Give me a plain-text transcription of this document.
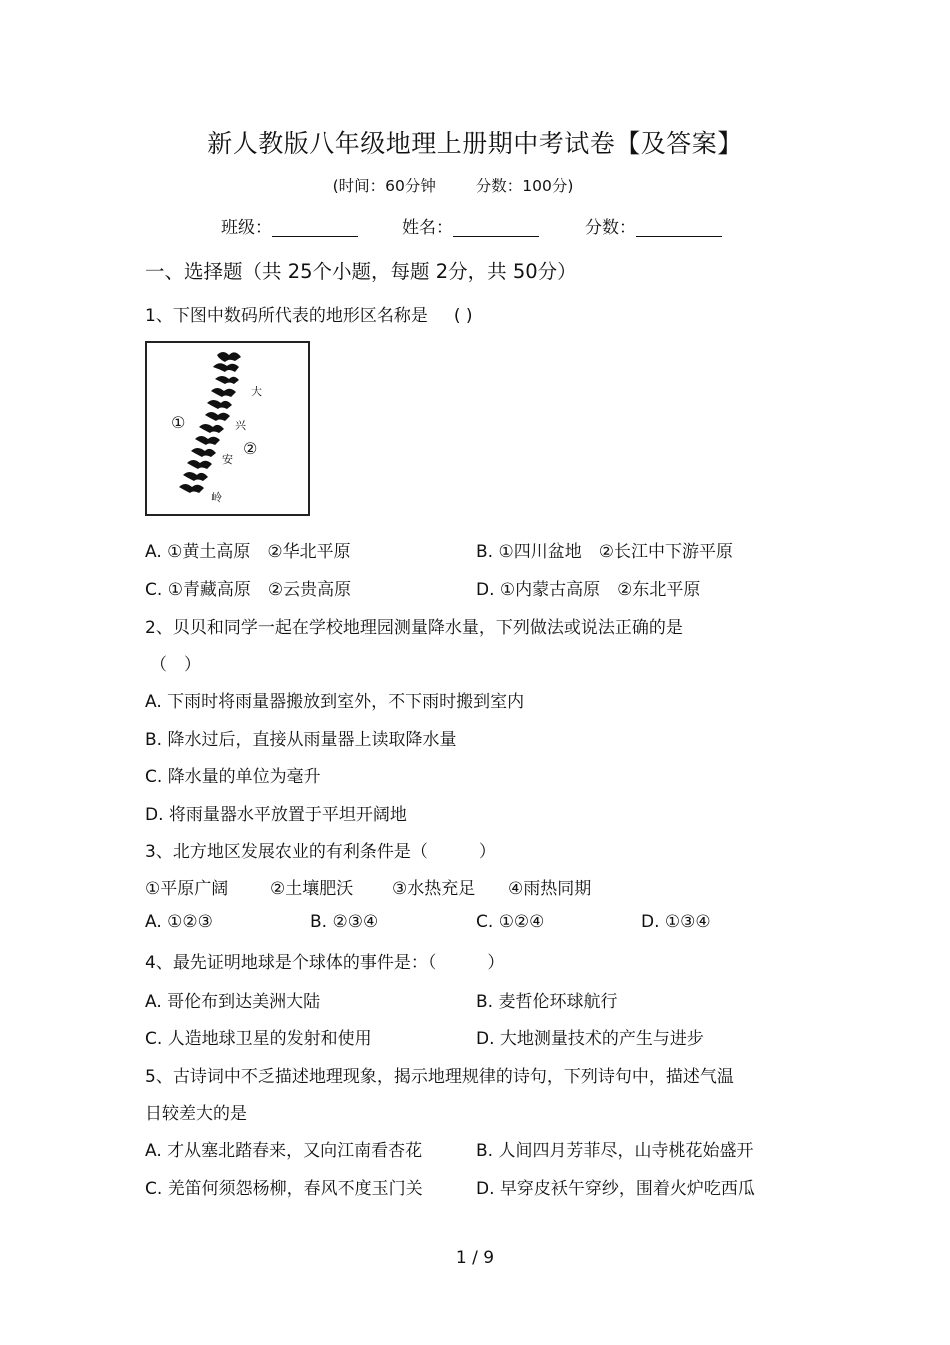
新人教版八年级地理上册期中考试卷【及答案】
(时间：60分钟	分数：100分)
班级：	姓名：	分数：
一、选择题（共 25个小题，每题 2分，共 50分）
1、下图中数码所代表的地形区名称是 ( )
①
②
大
兴
安
岭
A. ①黄土高原　②华北平原	B. ①四川盆地　②长江中下游平原
C. ①青藏高原　②云贵高原	D. ①内蒙古高原　②东北平原
2、贝贝和同学一起在学校地理园测量降水量，下列做法或说法正确的是
（　）
A. 下雨时将雨量器搬放到室外，不下雨时搬到室内
B. 降水过后，直接从雨量器上读取降水量
C. 降水量的单位为毫升
D. 将雨量器水平放置于平坦开阔地
3、北方地区发展农业的有利条件是（　　　）
①平原广阔 ②土壤肥沃 ③水热充足 ④雨热同期
A. ①②③	B. ②③④	C. ①②④	D. ①③④
4、最先证明地球是个球体的事件是：（　　　）
A. 哥伦布到达美洲大陆	B. 麦哲伦环球航行
C. 人造地球卫星的发射和使用	D. 大地测量技术的产生与进步
5、古诗词中不乏描述地理现象，揭示地理规律的诗句，下列诗句中，描述气温
日较差大的是
A. 才从塞北踏春来，又向江南看杏花	B. 人间四月芳菲尽，山寺桃花始盛开
C. 羌笛何须怨杨柳，春风不度玉门关	D. 早穿皮袄午穿纱，围着火炉吃西瓜
1 / 9
